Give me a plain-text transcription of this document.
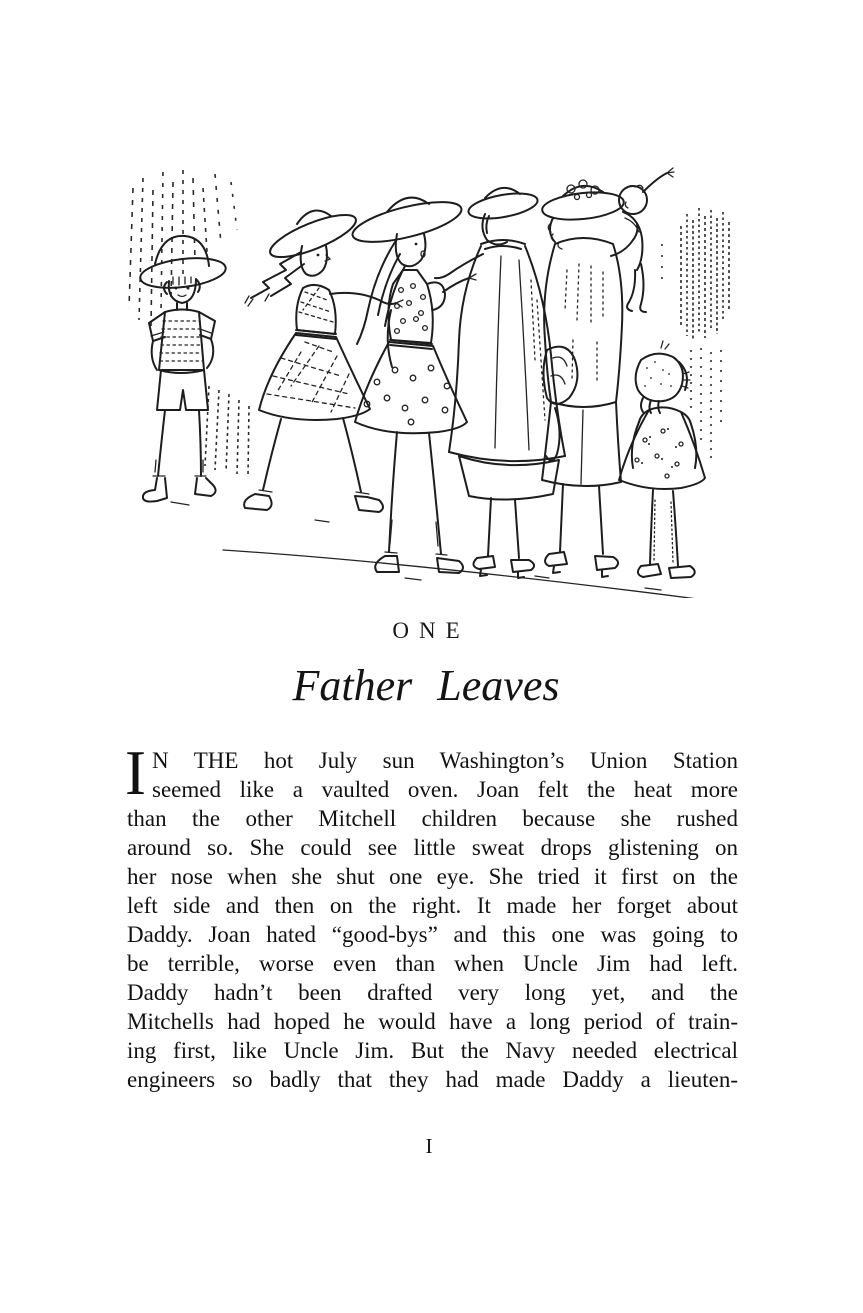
ONE
Father Leaves
I N THE hot July sun Washington’s Union Station
seemed like a vaulted oven. Joan felt the heat more
than the other Mitchell children because she rushed
around so. She could see little sweat drops glistening on
her nose when she shut one eye. She tried it first on the
left side and then on the right. It made her forget about
Daddy. Joan hated “good-bys” and this one was going to
be terrible, worse even than when Uncle Jim had left.
Daddy hadn’t been drafted very long yet, and the
Mitchells had hoped he would have a long period of train-
ing first, like Uncle Jim. But the Navy needed electrical
engineers so badly that they had made Daddy a lieuten-
I
